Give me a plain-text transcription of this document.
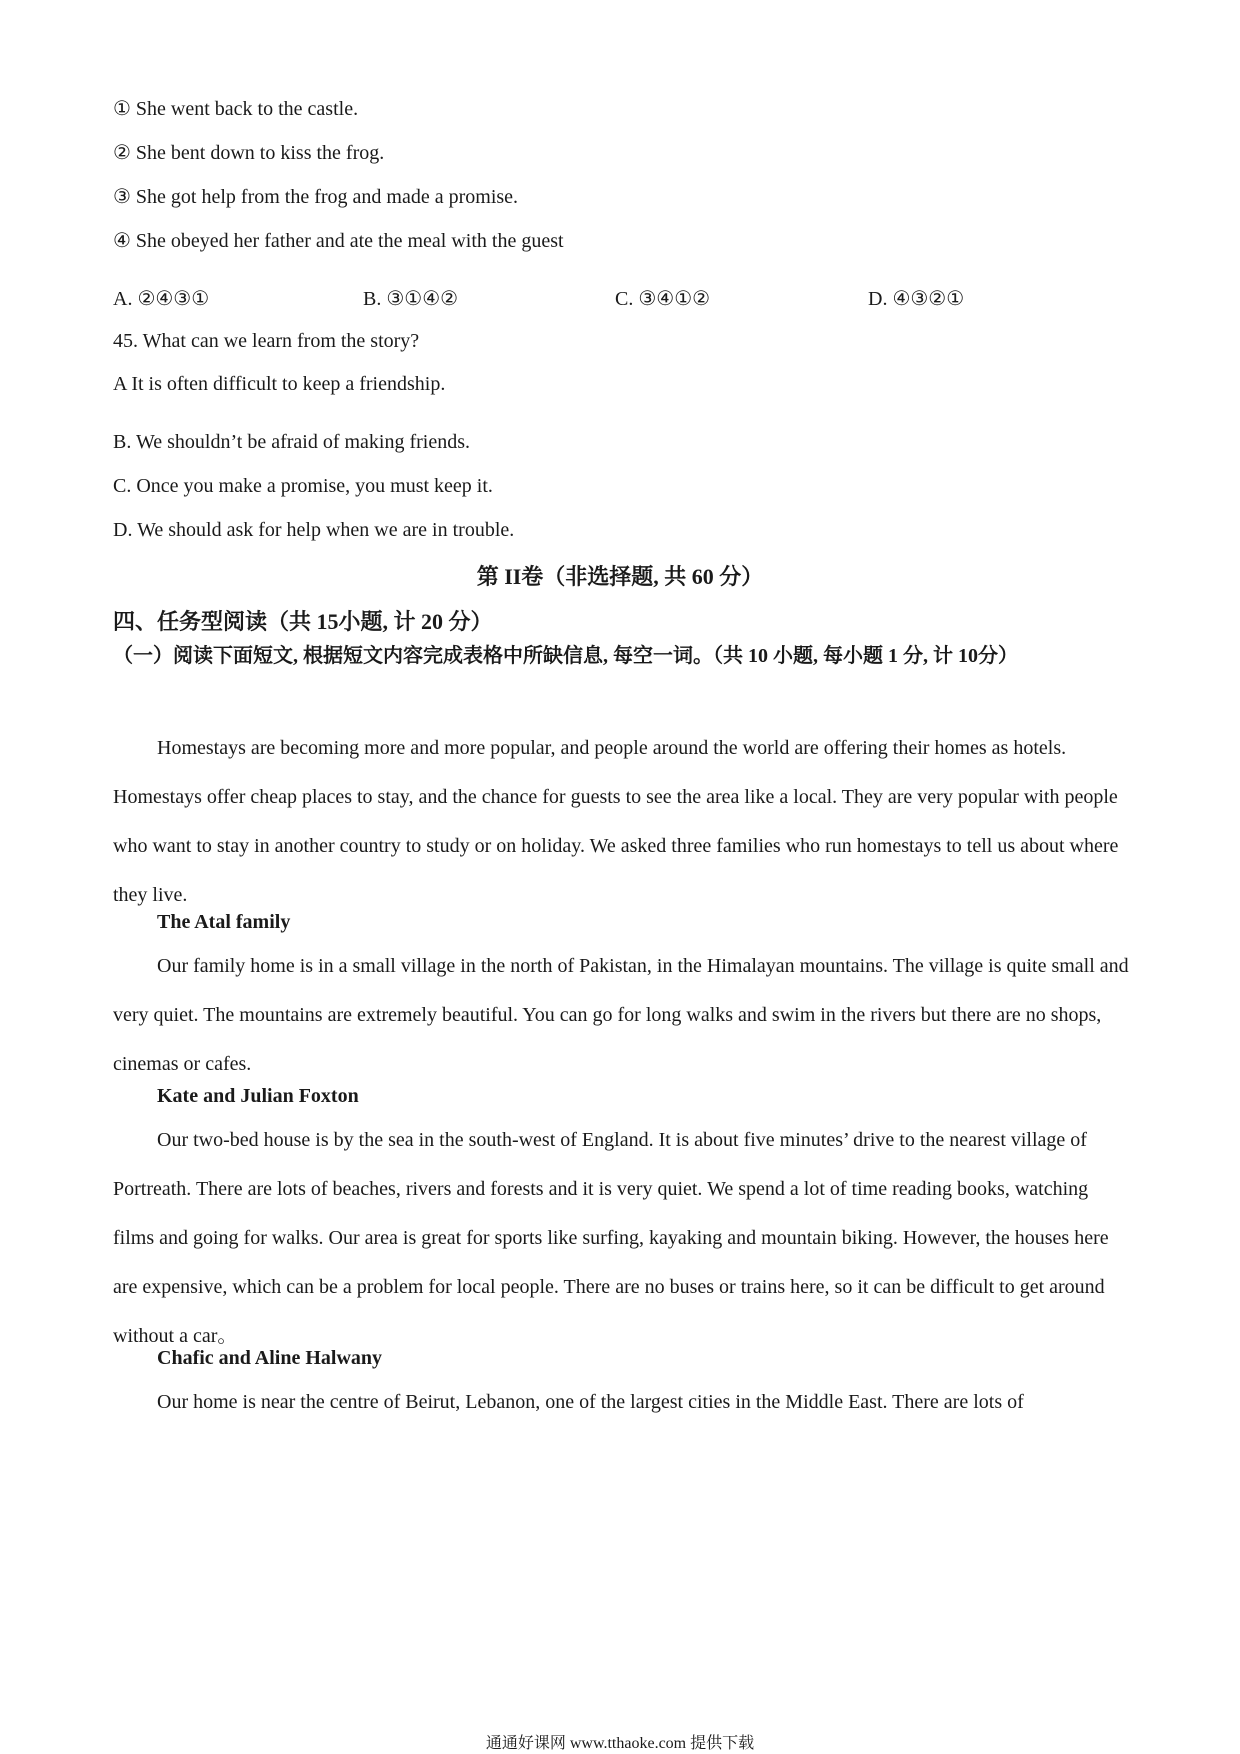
① She went back to the castle.
② She bent down to kiss the frog.
③ She got help from the frog and made a promise.
④ She obeyed her father and ate the meal with the guest
A. ②④③①	B. ③①④②	C. ③④①②	D. ④③②①
45. What can we learn from the story?
A It is often difficult to keep a friendship.
B. We shouldn’t be afraid of making friends.
C. Once you make a promise, you must keep it.
D. We should ask for help when we are in trouble.
第 II卷（非选择题, 共 60 分）
四、任务型阅读（共 15小题, 计 20 分）
（一）阅读下面短文, 根据短文内容完成表格中所缺信息, 每空一词。（共 10 小题, 每小题 1 分, 计 10分）
Homestays are becoming more and more popular, and people around the world are offering their homes as hotels. Homestays offer cheap places to stay, and the chance for guests to see the area like a local. They are very popular with people who want to stay in another country to study or on holiday. We asked three families who run homestays to tell us about where they live.
The Atal family
Our family home is in a small village in the north of Pakistan, in the Himalayan mountains. The village is quite small and very quiet. The mountains are extremely beautiful. You can go for long walks and swim in the rivers but there are no shops, cinemas or cafes.
Kate and Julian Foxton
Our two-bed house is by the sea in the south-west of England. It is about five minutes’ drive to the nearest village of Portreath. There are lots of beaches, rivers and forests and it is very quiet. We spend a lot of time reading books, watching films and going for walks. Our area is great for sports like surfing, kayaking and mountain biking. However, the houses here are expensive, which can be a problem for local people. There are no buses or trains here, so it can be difficult to get around without a car。
Chafic and Aline Halwany
Our home is near the centre of Beirut, Lebanon, one of the largest cities in the Middle East. There are lots of
通通好课网 www.tthaoke.com 提供下载
